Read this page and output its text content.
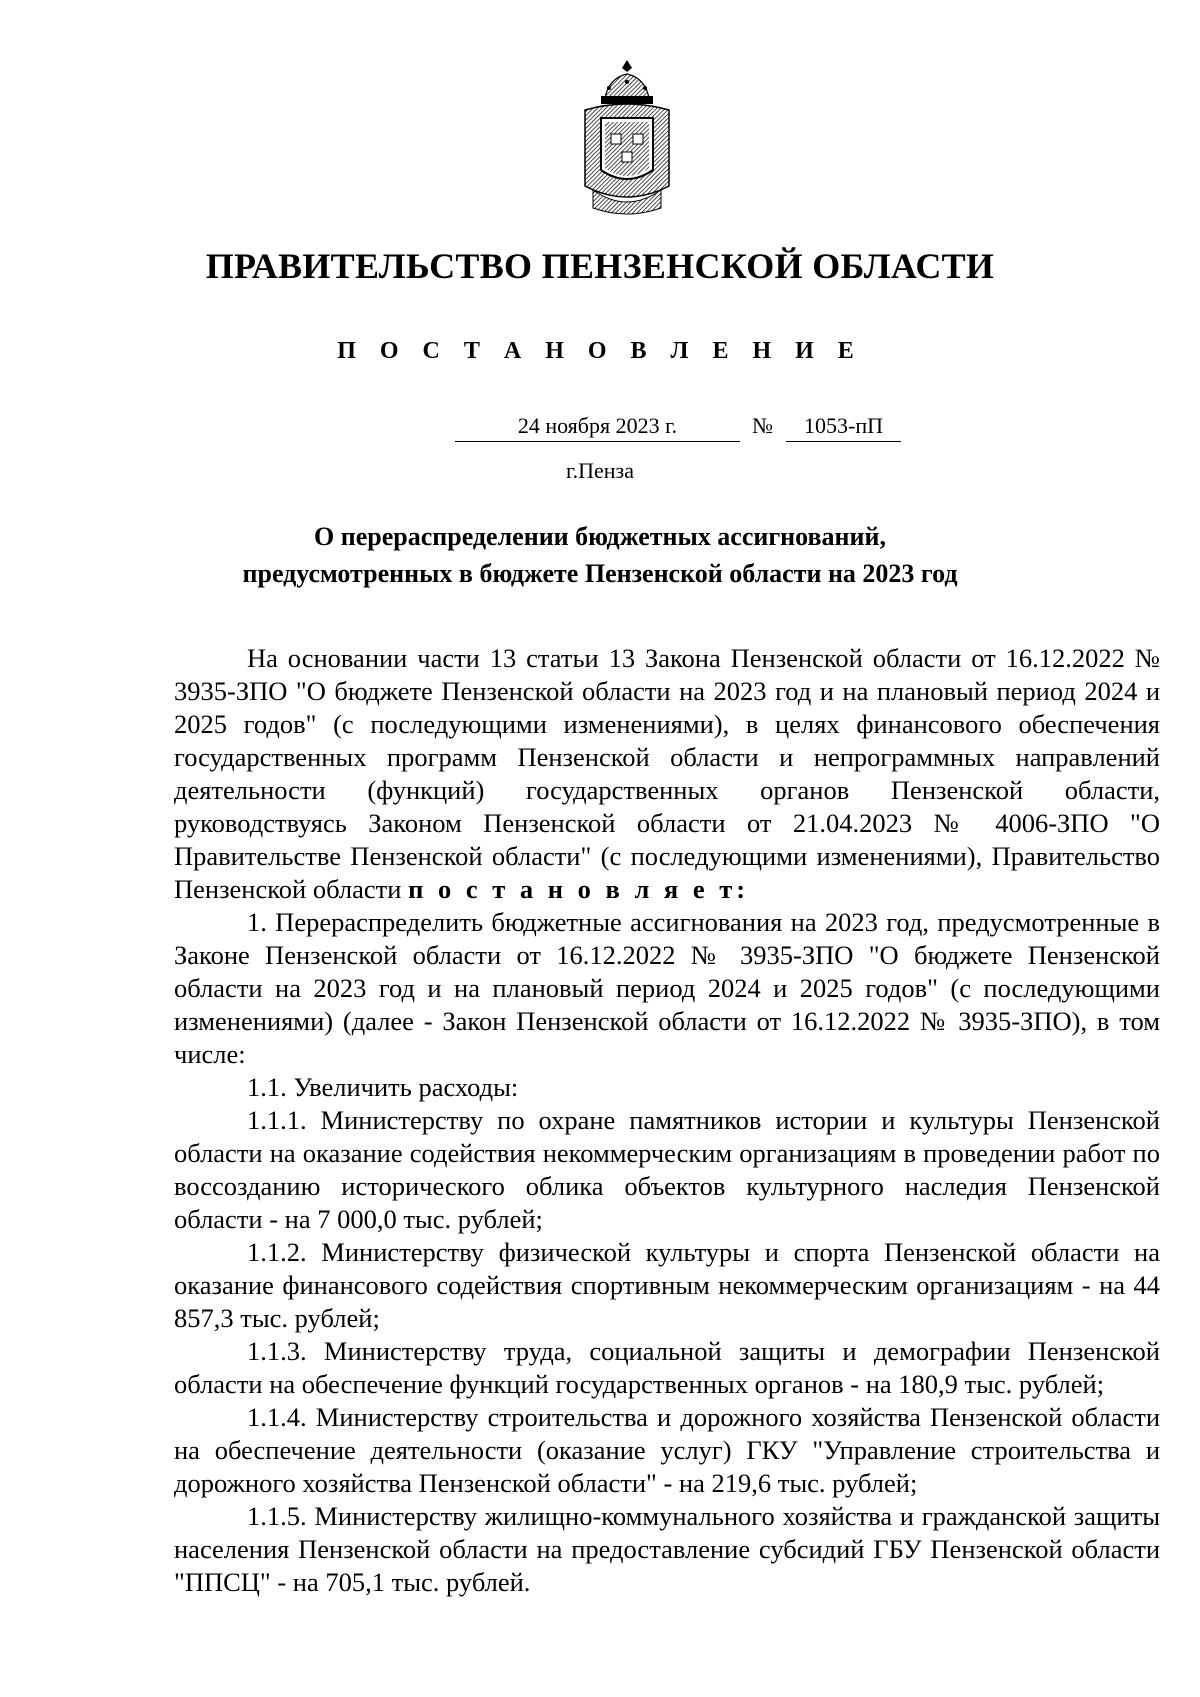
ПРАВИТЕЛЬСТВО ПЕНЗЕНСКОЙ ОБЛАСТИ
П О С Т А Н О В Л Е Н И Е
24 ноября 2023 г.	№	1053-пП
г.Пенза
О перераспределении бюджетных ассигнований,
предусмотренных в бюджете Пензенской области на 2023 год

На основании части 13 статьи 13 Закона Пензенской области от 16.12.2022 № 3935-ЗПО "О бюджете Пензенской области на 2023 год и на плановый период 2024 и 2025 годов" (с последующими изменениями), в целях финансового обеспечения государственных программ Пензенской области и непрограммных направлений деятельности (функций) государственных органов Пензенской области, руководствуясь Законом Пензенской области от 21.04.2023 № 4006-ЗПО "О Правительстве Пензенской области" (с последующими изменениями), Правительство Пензенской области п о с т а н о в л я е т:

1. Перераспределить бюджетные ассигнования на 2023 год, предусмотренные в Законе Пензенской области от 16.12.2022 № 3935-ЗПО "О бюджете Пензенской области на 2023 год и на плановый период 2024 и 2025 годов" (с последующими изменениями) (далее - Закон Пензенской области от 16.12.2022 № 3935-ЗПО), в том числе:

1.1. Увеличить расходы:

1.1.1. Министерству по охране памятников истории и культуры Пензенской области на оказание содействия некоммерческим организациям в проведении работ по воссозданию исторического облика объектов культурного наследия Пензенской области - на 7 000,0 тыс. рублей;

1.1.2. Министерству физической культуры и спорта Пензенской области на оказание финансового содействия спортивным некоммерческим организациям - на 44 857,3 тыс. рублей;

1.1.3. Министерству труда, социальной защиты и демографии Пензенской области на обеспечение функций государственных органов - на 180,9 тыс. рублей;

1.1.4. Министерству строительства и дорожного хозяйства Пензенской области на обеспечение деятельности (оказание услуг) ГКУ "Управление строительства и дорожного хозяйства Пензенской области" - на 219,6 тыс. рублей;

1.1.5. Министерству жилищно-коммунального хозяйства и гражданской защиты населения Пензенской области на предоставление субсидий ГБУ Пензенской области "ППСЦ" - на 705,1 тыс. рублей.
